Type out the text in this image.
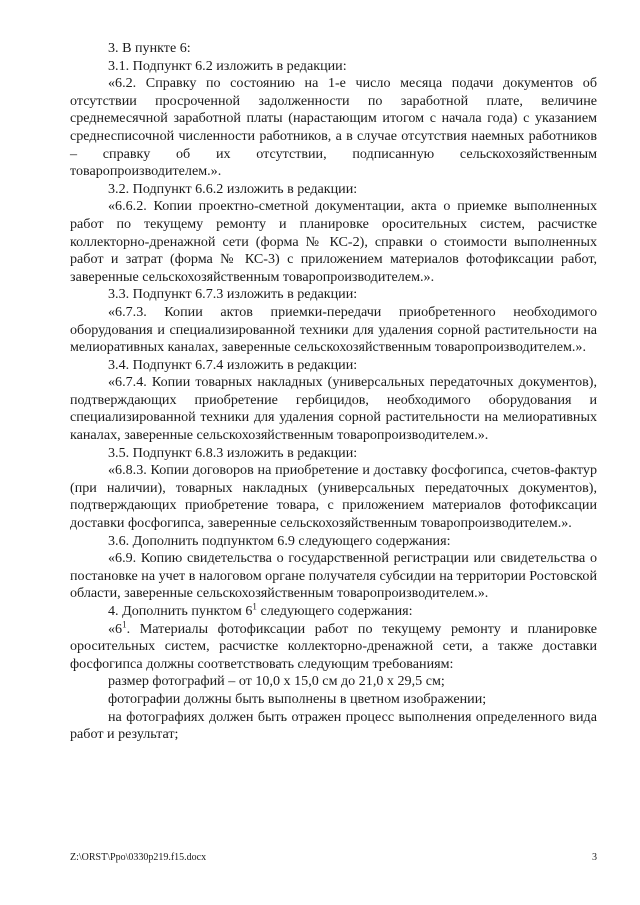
3. В пункте 6:

3.1. Подпункт 6.2 изложить в редакции:

«6.2. Справку по состоянию на 1-е число месяца подачи документов об отсутствии просроченной задолженности по заработной плате, величине среднемесячной заработной платы (нарастающим итогом с начала года) с указанием среднесписочной численности работников, а в случае отсутствия наемных работников – справку об их отсутствии, подписанную сельскохозяйственным товаропроизводителем.».

3.2. Подпункт 6.6.2 изложить в редакции:

«6.6.2. Копии проектно-сметной документации, акта о приемке выполненных работ по текущему ремонту и планировке оросительных систем, расчистке коллекторно-дренажной сети (форма № КС-2), справки о стоимости выполненных работ и затрат (форма № КС-3) с приложением материалов фотофиксации работ, заверенные сельскохозяйственным товаропроизводителем.».

3.3. Подпункт 6.7.3 изложить в редакции:

«6.7.3. Копии актов приемки-передачи приобретенного необходимого оборудования и специализированной техники для удаления сорной растительности на мелиоративных каналах, заверенные сельскохозяйственным товаропроизводителем.».

3.4. Подпункт 6.7.4 изложить в редакции:

«6.7.4. Копии товарных накладных (универсальных передаточных документов), подтверждающих приобретение гербицидов, необходимого оборудования и специализированной техники для удаления сорной растительности на мелиоративных каналах, заверенные сельскохозяйственным товаропроизводителем.».

3.5. Подпункт 6.8.3 изложить в редакции:

«6.8.3. Копии договоров на приобретение и доставку фосфогипса, счетов-фактур (при наличии), товарных накладных (универсальных передаточных документов), подтверждающих приобретение товара, с приложением материалов фотофиксации доставки фосфогипса, заверенные сельскохозяйственным товаропроизводителем.».

3.6. Дополнить подпунктом 6.9 следующего содержания:

«6.9. Копию свидетельства о государственной регистрации или свидетельства о постановке на учет в налоговом органе получателя субсидии на территории Ростовской области, заверенные сельскохозяйственным товаропроизводителем.».

4. Дополнить пунктом $6^1$ следующего содержания:

«$6^1$. Материалы фотофиксации работ по текущему ремонту и планировке оросительных систем, расчистке коллекторно-дренажной сети, а также доставки фосфогипса должны соответствовать следующим требованиям:

размер фотографий – от 10,0 х 15,0 см до 21,0 х 29,5 см;

фотографии должны быть выполнены в цветном изображении;

на фотографиях должен быть отражен процесс выполнения определенного вида работ и результат;

Z:\ORST\Ppo\0330p219.f15.docx	3
